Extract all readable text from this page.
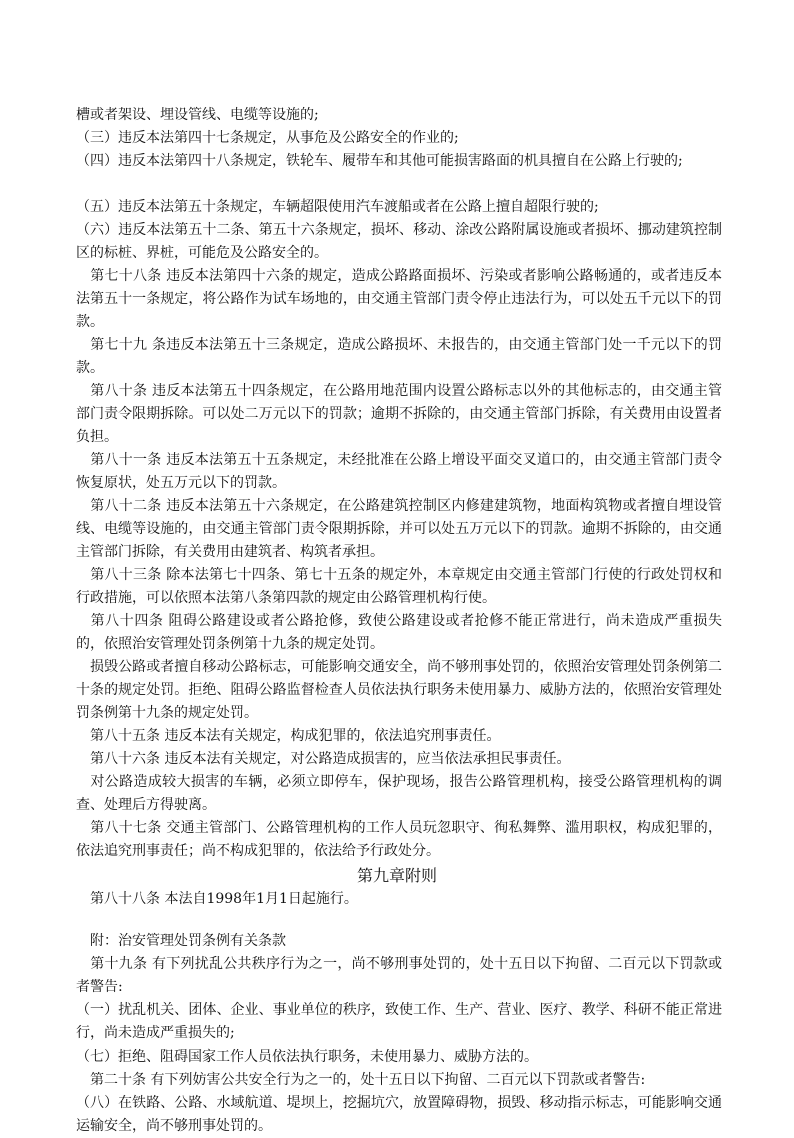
槽或者架设、埋设管线、电缆等设施的;
（三）违反本法第四十七条规定，从事危及公路安全的作业的;
（四）违反本法第四十八条规定，铁轮车、履带车和其他可能损害路面的机具擅自在公路上行驶的;
（五）违反本法第五十条规定，车辆超限使用汽车渡船或者在公路上擅自超限行驶的;
（六）违反本法第五十二条、第五十六条规定，损坏、移动、涂改公路附属设施或者损坏、挪动建筑控制区的标桩、界桩，可能危及公路安全的。
　第七十八条 违反本法第四十六条的规定，造成公路路面损坏、污染或者影响公路畅通的，或者违反本法第五十一条规定，将公路作为试车场地的，由交通主管部门责令停止违法行为，可以处五千元以下的罚款。
　第七十九 条违反本法第五十三条规定，造成公路损坏、未报告的，由交通主管部门处一千元以下的罚款。
　第八十条 违反本法第五十四条规定，在公路用地范围内设置公路标志以外的其他标志的，由交通主管部门责令限期拆除。可以处二万元以下的罚款；逾期不拆除的，由交通主管部门拆除，有关费用由设置者负担。
　第八十一条 违反本法第五十五条规定，未经批准在公路上增设平面交叉道口的，由交通主管部门责令恢复原状，处五万元以下的罚款。
　第八十二条 违反本法第五十六条规定，在公路建筑控制区内修建建筑物，地面构筑物或者擅自埋设管线、电缆等设施的，由交通主管部门责令限期拆除，并可以处五万元以下的罚款。逾期不拆除的，由交通主管部门拆除，有关费用由建筑者、构筑者承担。
　第八十三条 除本法第七十四条、第七十五条的规定外，本章规定由交通主管部门行使的行政处罚权和行政措施，可以依照本法第八条第四款的规定由公路管理机构行使。
　第八十四条 阻碍公路建设或者公路抢修，致使公路建设或者抢修不能正常进行，尚未造成严重损失的，依照治安管理处罚条例第十九条的规定处罚。
　损毁公路或者擅自移动公路标志，可能影响交通安全，尚不够刑事处罚的，依照治安管理处罚条例第二十条的规定处罚。拒绝、阻碍公路监督检查人员依法执行职务未使用暴力、威胁方法的，依照治安管理处罚条例第十九条的规定处罚。
　第八十五条 违反本法有关规定，构成犯罪的，依法追究刑事责任。
　第八十六条 违反本法有关规定，对公路造成损害的，应当依法承担民事责任。
　对公路造成较大损害的车辆，必须立即停车，保护现场，报告公路管理机构，接受公路管理机构的调查、处理后方得驶离。
　第八十七条 交通主管部门、公路管理机构的工作人员玩忽职守、徇私舞弊、滥用职权，构成犯罪的，依法追究刑事责任；尚不构成犯罪的，依法给予行政处分。
第九章附则
　第八十八条 本法自1998年1月1日起施行。
　附：治安管理处罚条例有关条款
　第十九条 有下列扰乱公共秩序行为之一，尚不够刑事处罚的，处十五日以下拘留、二百元以下罚款或者警告:
（一）扰乱机关、团体、企业、事业单位的秩序，致使工作、生产、营业、医疗、教学、科研不能正常进行，尚未造成严重损失的;
（七）拒绝、阻碍国家工作人员依法执行职务，未使用暴力、威胁方法的。
　第二十条 有下列妨害公共安全行为之一的，处十五日以下拘留、二百元以下罚款或者警告:
（八）在铁路、公路、水域航道、堤坝上，挖掘坑穴，放置障碍物，损毁、移动指示标志，可能影响交通运输安全，尚不够刑事处罚的。
